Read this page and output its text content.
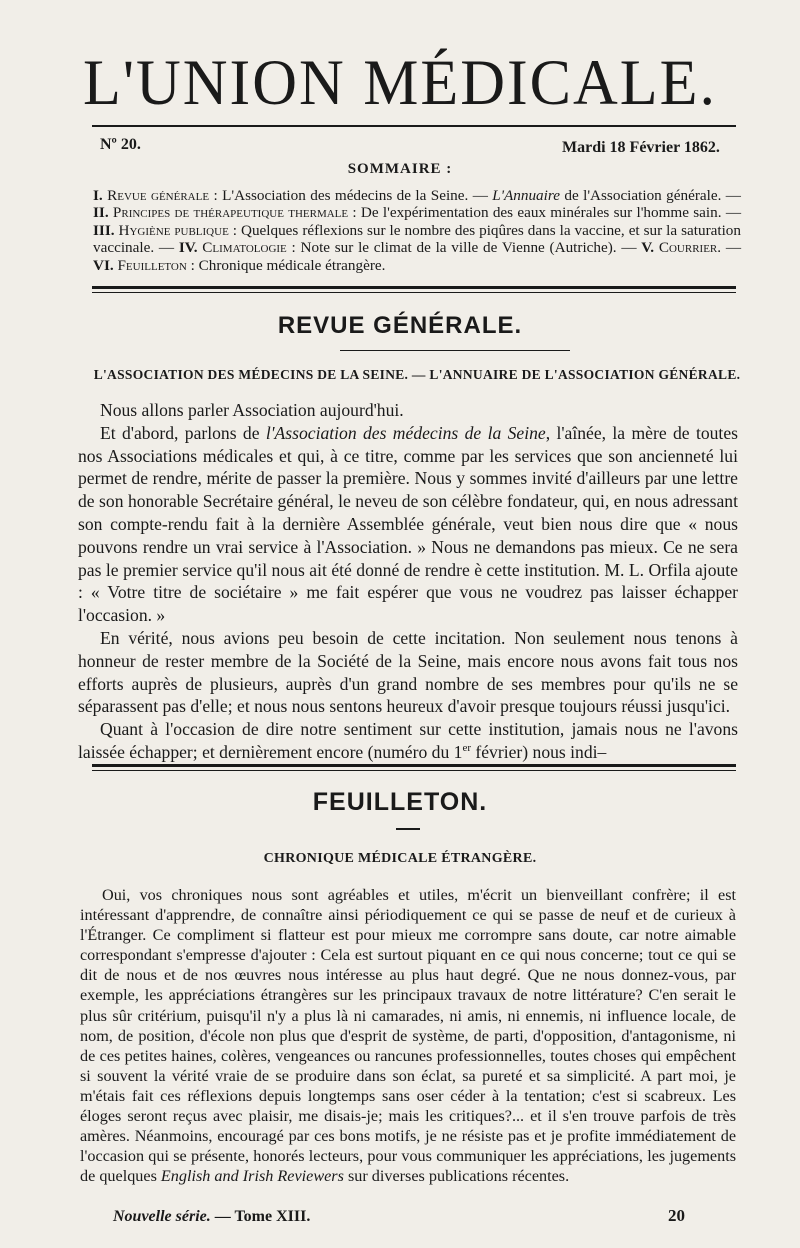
L'UNION MÉDICALE.
Nº 20.	Mardi 18 Février 1862.
SOMMAIRE :
I. Revue générale : L'Association des médecins de la Seine. — L'Annuaire de l'Association générale. — II. Principes de thérapeutique thermale : De l'expérimentation des eaux minérales sur l'homme sain. — III. Hygiène publique : Quelques réflexions sur le nombre des piqûres dans la vaccine, et sur la saturation vaccinale. — IV. Climatologie : Note sur le climat de la ville de Vienne (Autriche). — V. Courrier. — VI. Feuilleton : Chronique médicale étrangère.
REVUE GÉNÉRALE.
L'ASSOCIATION DES MÉDECINS DE LA SEINE. — L'ANNUAIRE DE L'ASSOCIATION GÉNÉRALE.

Nous allons parler Association aujourd'hui.

Et d'abord, parlons de l'Association des médecins de la Seine, l'aînée, la mère de toutes nos Associations médicales et qui, à ce titre, comme par les services que son ancienneté lui permet de rendre, mérite de passer la première. Nous y sommes invité d'ailleurs par une lettre de son honorable Secrétaire général, le neveu de son célèbre fondateur, qui, en nous adressant son compte-rendu fait à la dernière Assemblée générale, veut bien nous dire que « nous pouvons rendre un vrai service à l'Association. » Nous ne demandons pas mieux. Ce ne sera pas le premier service qu'il nous ait été donné de rendre è cette institution. M. L. Orfila ajoute : « Votre titre de sociétaire » me fait espérer que vous ne voudrez pas laisser échapper l'occasion. »

En vérité, nous avions peu besoin de cette incitation. Non seulement nous tenons à honneur de rester membre de la Société de la Seine, mais encore nous avons fait tous nos efforts auprès de plusieurs, auprès d'un grand nombre de ses membres pour qu'ils ne se séparassent pas d'elle; et nous nous sentons heureux d'avoir presque toujours réussi jusqu'ici.

Quant à l'occasion de dire notre sentiment sur cette institution, jamais nous ne l'avons laissée échapper; et dernièrement encore (numéro du 1er février) nous indi–

FEUILLETON.
CHRONIQUE MÉDICALE ÉTRANGÈRE.

Oui, vos chroniques nous sont agréables et utiles, m'écrit un bienveillant confrère; il est intéressant d'apprendre, de connaître ainsi périodiquement ce qui se passe de neuf et de curieux à l'Étranger. Ce compliment si flatteur est pour mieux me corrompre sans doute, car notre aimable correspondant s'empresse d'ajouter : Cela est surtout piquant en ce qui nous concerne; tout ce qui se dit de nous et de nos œuvres nous intéresse au plus haut degré. Que ne nous donnez-vous, par exemple, les appréciations étrangères sur les principaux travaux de notre littérature? C'en serait le plus sûr critérium, puisqu'il n'y a plus là ni camarades, ni amis, ni ennemis, ni influence locale, de nom, de position, d'école non plus que d'esprit de système, de parti, d'opposition, d'antagonisme, ni de ces petites haines, colères, vengeances ou rancunes professionnelles, toutes choses qui empêchent si souvent la vérité vraie de se produire dans son éclat, sa pureté et sa simplicité. A part moi, je m'étais fait ces réflexions depuis longtemps sans oser céder à la tentation; c'est si scabreux. Les éloges seront reçus avec plaisir, me disais-je; mais les critiques?... et il s'en trouve parfois de très amères. Néanmoins, encouragé par ces bons motifs, je ne résiste pas et je profite immédiatement de l'occasion qui se présente, honorés lecteurs, pour vous communiquer les appréciations, les jugements de quelques English and Irish Reviewers sur diverses publications récentes.

Nouvelle série. — Tome XIII.	20
